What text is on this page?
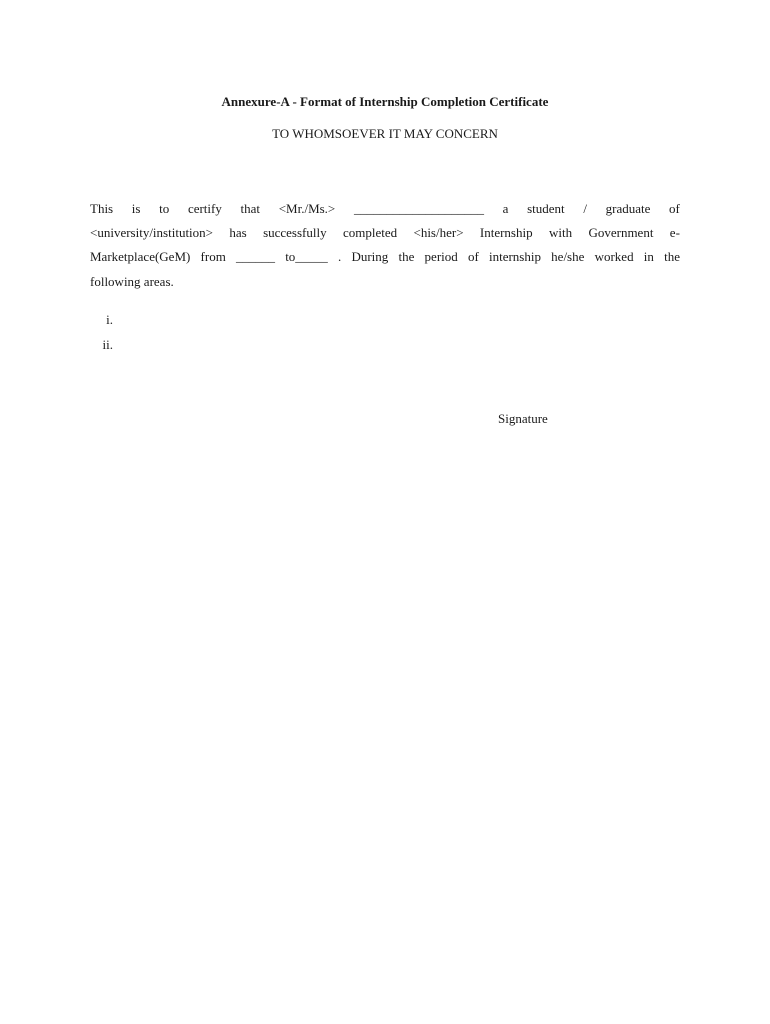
Annexure-A - Format of Internship Completion Certificate

TO WHOMSOEVER IT MAY CONCERN

This is to certify that <Mr./Ms.> ____________________ a student / graduate of
<university/institution> has successfully completed <his/her> Internship with Government e-
Marketplace(GeM) from ______ to_____ . During the period of internship he/she worked in the

following areas.

i.

ii.

Signature
